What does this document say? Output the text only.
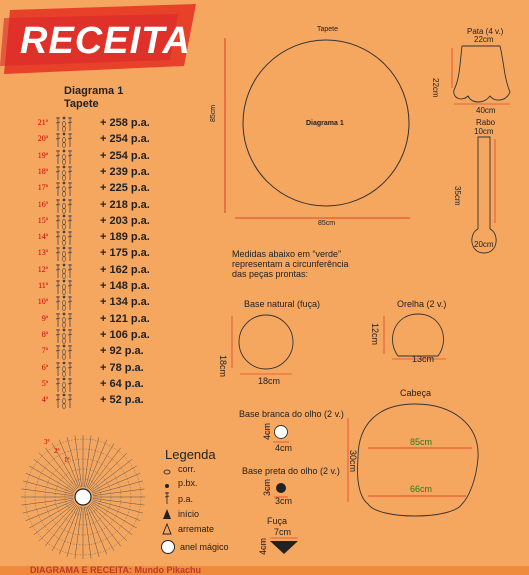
RECEITA
Diagrama 1
Tapete
21ª	+ 258 p.a.
20ª	+ 254 p.a.
19ª	+ 254 p.a.
18ª	+ 239 p.a.
17ª	+ 225 p.a.
16ª	+ 218 p.a.
15ª	+ 203 p.a.
14ª	+ 189 p.a.
13ª	+ 175 p.a.
12ª	+ 162 p.a.
11ª	+ 148 p.a.
10ª	+ 134 p.a.
9ª	+ 121 p.a.
8ª	+ 106 p.a.
7ª	+ 92 p.a.
6ª	+ 78 p.a.
5ª	+ 64 p.a.
4ª	+ 52 p.a.
Legenda
corr.
p.bx.
p.a.
início
arremate
anel mágico
Tapete
Diagrama 1
85cm
85cm
Pata (4 v.)
22cm
22cm
40cm
Rabo
10cm
35cm
20cm
Medidas abaixo em “verde”
representam a circunferência
das peças prontas:
Base natural (fuça)
18cm
18cm
Orelha (2 v.)
12cm
13cm
Cabeça
30cm
85cm
66cm
Base branca do olho (2 v.)
4cm
4cm
Base preta do olho (2 v.)
3cm
3cm
Fuça
7cm
4cm
DIAGRAMA E RECEITA: Mundo Pikachu
3ª
2ª
1ª
